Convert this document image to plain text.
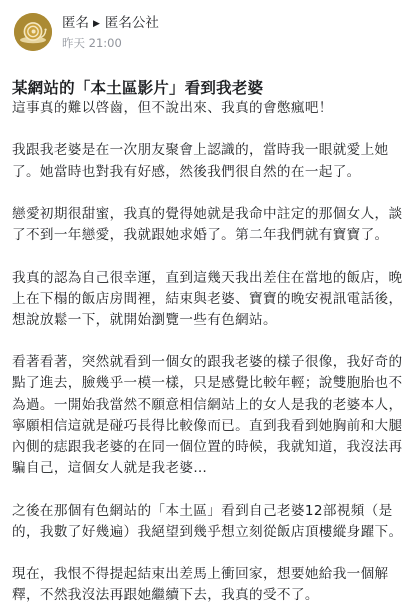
匿名 ▶ 匿名公社
昨天 21:00
某網站的「本土區影片」看到我老婆

這事真的難以啓齒，但不說出來、我真的會憋瘋吧！

我跟我老婆是在一次朋友聚會上認識的，當時我一眼就愛上她
了。她當時也對我有好感，然後我們很自然的在一起了。

戀愛初期很甜蜜，我真的覺得她就是我命中註定的那個女人，談
了不到一年戀愛，我就跟她求婚了。第二年我們就有寶寶了。

我真的認為自己很幸運，直到這幾天我出差住在當地的飯店，晚
上在下榻的飯店房間裡，結束與老婆、寶寶的晚安視訊電話後，
想說放鬆一下，就開始瀏覽一些有色網站。

看著看著，突然就看到一個女的跟我老婆的樣子很像，我好奇的
點了進去，臉幾乎一模一樣，只是感覺比較年輕；說雙胞胎也不
為過。一開始我當然不願意相信網站上的女人是我的老婆本人，
寧願相信這就是碰巧長得比較像而已。直到我看到她胸前和大腿
內側的痣跟我老婆的在同一個位置的時候，我就知道，我沒法再
騙自己，這個女人就是我老婆…

之後在那個有色網站的「本土區」看到自己老婆12部視頻（是
的，我數了好幾遍）我絕望到幾乎想立刻從飯店頂樓縱身躍下。

現在，我恨不得提起結束出差馬上衝回家，想要她給我一個解
釋，不然我沒法再跟她繼續下去，我真的受不了。
